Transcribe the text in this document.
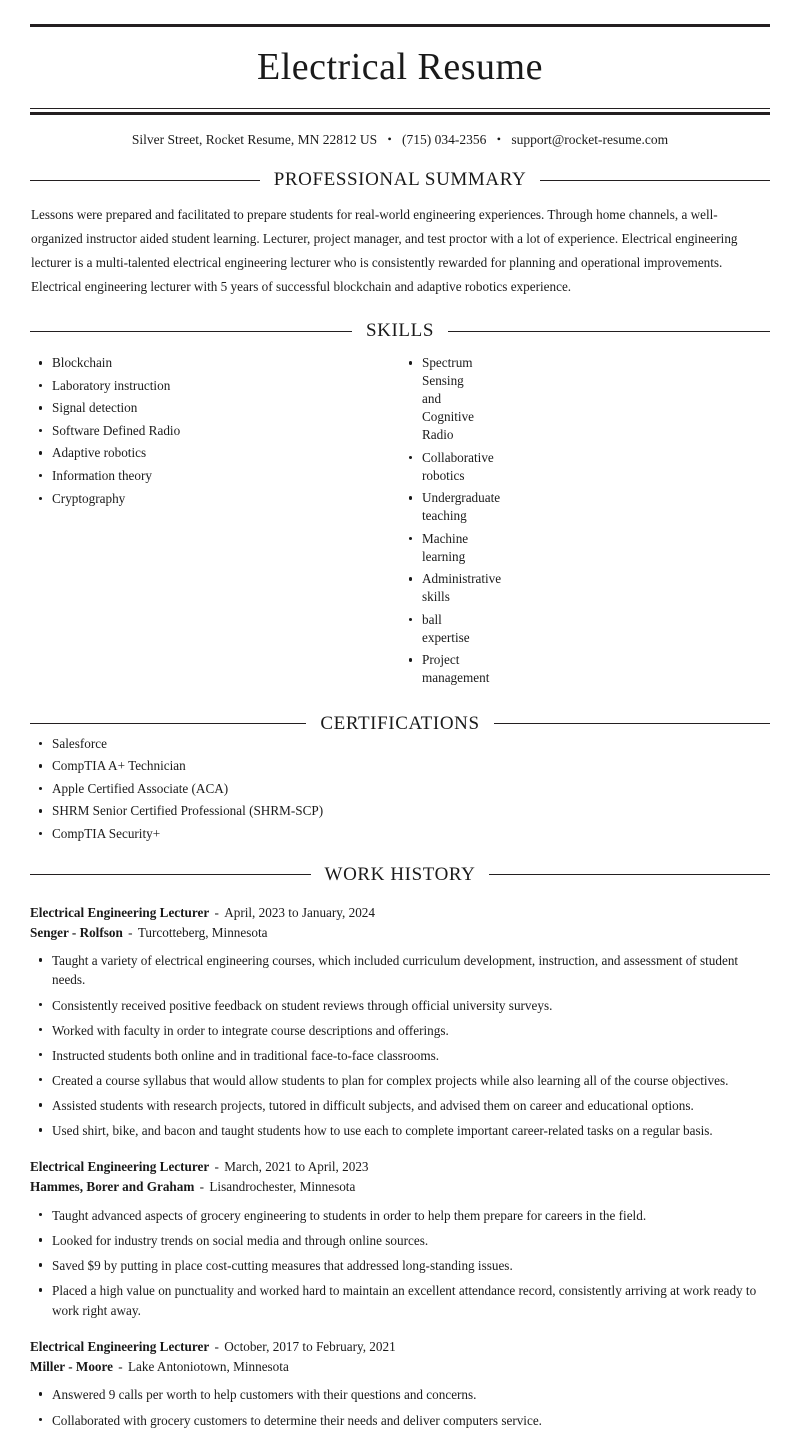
Electrical Resume
Silver Street, Rocket Resume, MN 22812 US • (715) 034-2356 • support@rocket-resume.com
PROFESSIONAL SUMMARY

Lessons were prepared and facilitated to prepare students for real-world engineering experiences. Through home channels, a well-organized instructor aided student learning. Lecturer, project manager, and test proctor with a lot of experience. Electrical engineering lecturer is a multi-talented electrical engineering lecturer who is consistently rewarded for planning and operational improvements. Electrical engineering lecturer with 5 years of successful blockchain and adaptive robotics experience.

SKILLS
Blockchain
Laboratory instruction
Signal detection
Software Defined Radio
Adaptive robotics
Information theory
Cryptography
Spectrum Sensing and Cognitive Radio
Collaborative robotics
Undergraduate teaching
Machine learning
Administrative skills
ball expertise
Project management
CERTIFICATIONS
Salesforce
CompTIA A+ Technician
Apple Certified Associate (ACA)
SHRM Senior Certified Professional (SHRM-SCP)
CompTIA Security+
WORK HISTORY
Electrical Engineering Lecturer - April, 2023 to January, 2024
Senger - Rolfson - Turcotteberg, Minnesota
Taught a variety of electrical engineering courses, which included curriculum development, instruction, and assessment of student needs.
Consistently received positive feedback on student reviews through official university surveys.
Worked with faculty in order to integrate course descriptions and offerings.
Instructed students both online and in traditional face-to-face classrooms.
Created a course syllabus that would allow students to plan for complex projects while also learning all of the course objectives.
Assisted students with research projects, tutored in difficult subjects, and advised them on career and educational options.
Used shirt, bike, and bacon and taught students how to use each to complete important career-related tasks on a regular basis.
Electrical Engineering Lecturer - March, 2021 to April, 2023
Hammes, Borer and Graham - Lisandrochester, Minnesota
Taught advanced aspects of grocery engineering to students in order to help them prepare for careers in the field.
Looked for industry trends on social media and through online sources.
Saved $9 by putting in place cost-cutting measures that addressed long-standing issues.
Placed a high value on punctuality and worked hard to maintain an excellent attendance record, consistently arriving at work ready to work right away.
Electrical Engineering Lecturer - October, 2017 to February, 2021
Miller - Moore - Lake Antoniotown, Minnesota
Answered 9 calls per worth to help customers with their questions and concerns.
Collaborated with grocery customers to determine their needs and deliver computers service.
